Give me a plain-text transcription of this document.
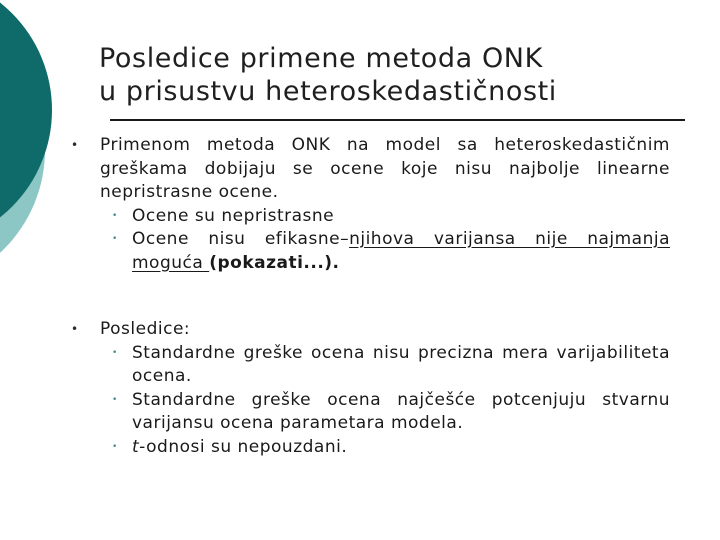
Posledice primene metoda ONK
u prisustvu heteroskedastičnosti
• Primenom metoda ONK na model sa heteroskedastičnim greškama dobijaju se ocene koje nisu najbolje linearne nepristrasne ocene.
• Ocene su nepristrasne
• Ocene nisu efikasne–njihova varijansa nije najmanja moguća (pokazati...).
• Posledice:
• Standardne greške ocena nisu precizna mera varijabiliteta ocena.
• Standardne greške ocena najčešće potcenjuju stvarnu varijansu ocena parametara modela.
• t-odnosi su nepouzdani.
